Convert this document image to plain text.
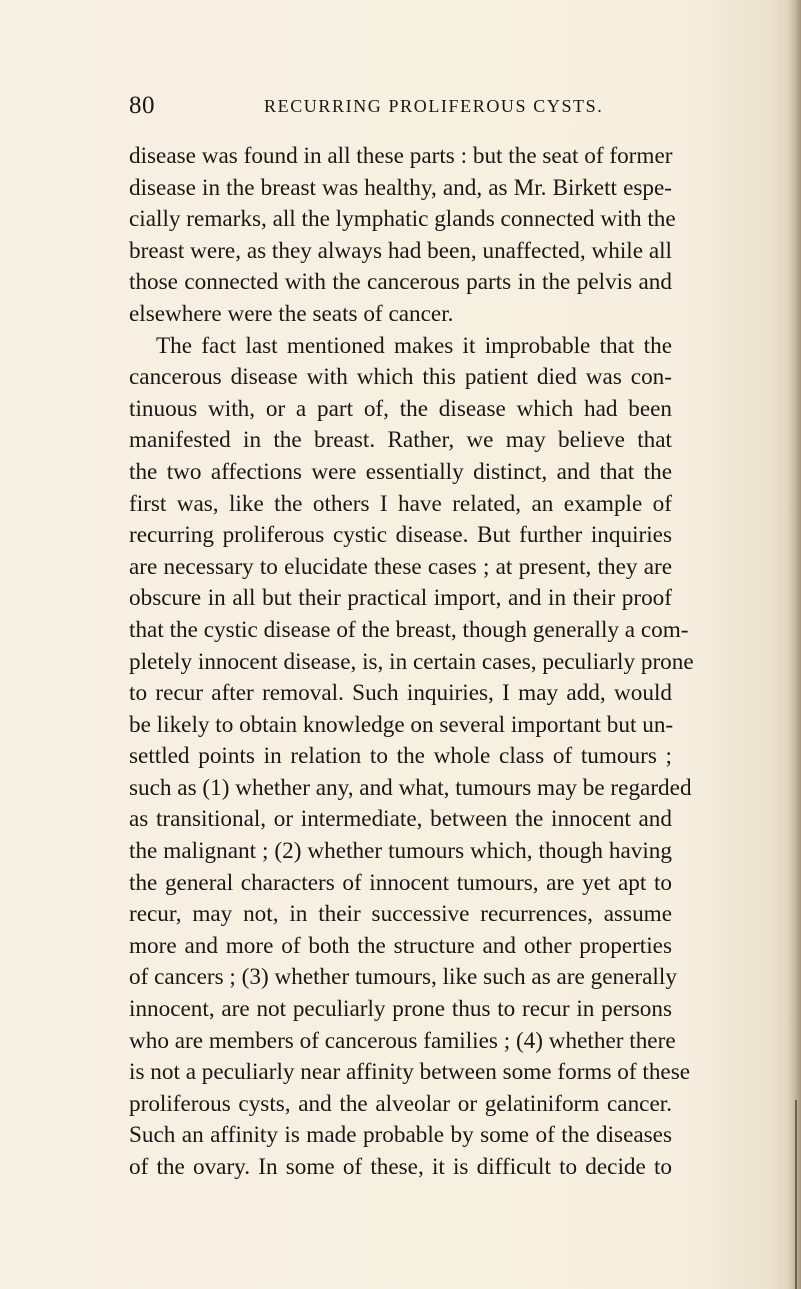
80	RECURRING PROLIFEROUS CYSTS.
disease was found in all these parts : but the seat of former
disease in the breast was healthy, and, as Mr. Birkett espe-
cially remarks, all the lymphatic glands connected with the
breast were, as they always had been, unaffected, while all
those connected with the cancerous parts in the pelvis and
elsewhere were the seats of cancer.
The fact last mentioned makes it improbable that the
cancerous disease with which this patient died was con-
tinuous with, or a part of, the disease which had been
manifested in the breast. Rather, we may believe that
the two affections were essentially distinct, and that the
first was, like the others I have related, an example of
recurring proliferous cystic disease. But further inquiries
are necessary to elucidate these cases ; at present, they are
obscure in all but their practical import, and in their proof
that the cystic disease of the breast, though generally a com-
pletely innocent disease, is, in certain cases, peculiarly prone
to recur after removal. Such inquiries, I may add, would
be likely to obtain knowledge on several important but un-
settled points in relation to the whole class of tumours ;
such as (1) whether any, and what, tumours may be regarded
as transitional, or intermediate, between the innocent and
the malignant ; (2) whether tumours which, though having
the general characters of innocent tumours, are yet apt to
recur, may not, in their successive recurrences, assume
more and more of both the structure and other properties
of cancers ; (3) whether tumours, like such as are generally
innocent, are not peculiarly prone thus to recur in persons
who are members of cancerous families ; (4) whether there
is not a peculiarly near affinity between some forms of these
proliferous cysts, and the alveolar or gelatiniform cancer.
Such an affinity is made probable by some of the diseases
of the ovary. In some of these, it is difficult to decide to
